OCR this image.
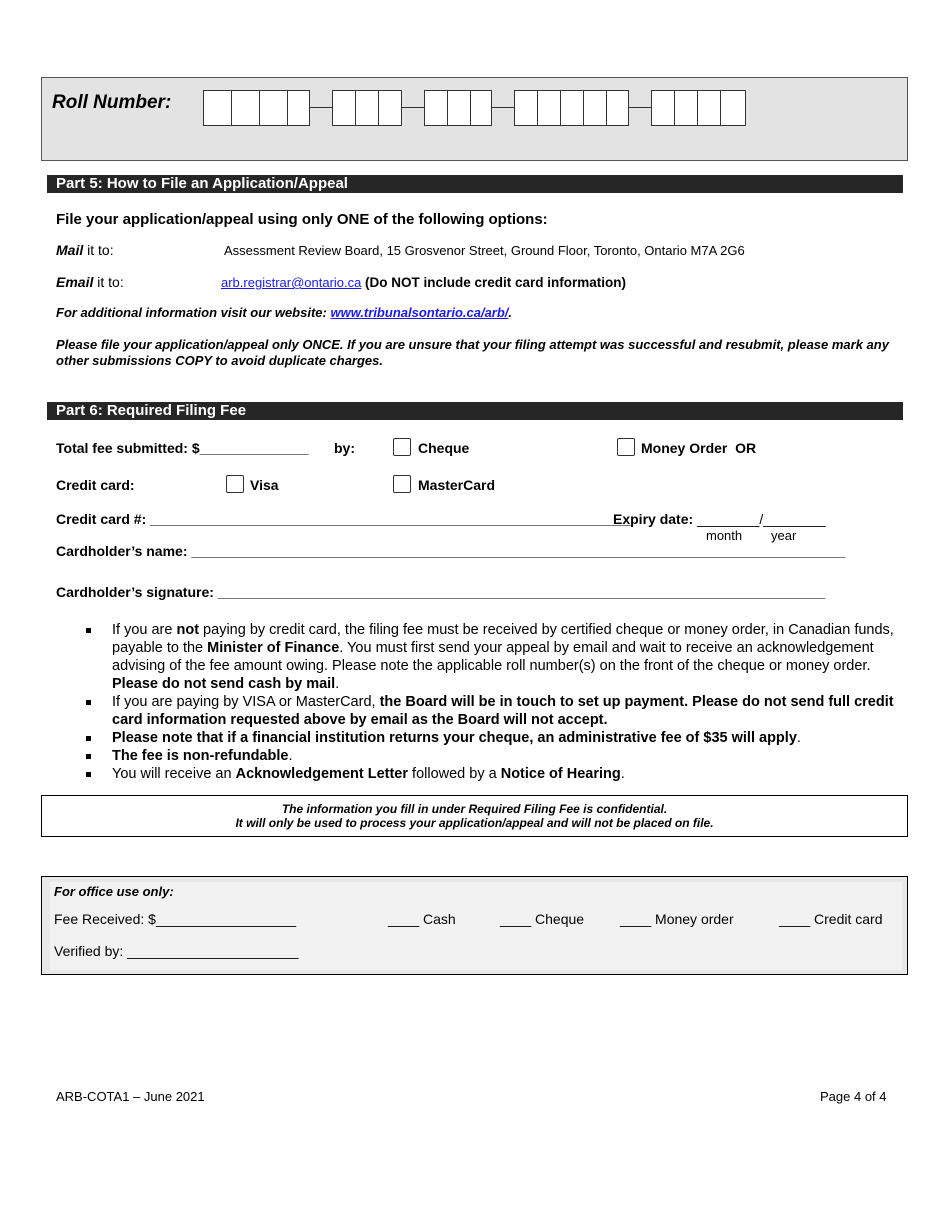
Roll Number:
Part 5: How to File an Application/Appeal
File your application/appeal using only ONE of the following options:
Mail it to:	Assessment Review Board, 15 Grosvenor Street, Ground Floor, Toronto, Ontario M7A 2G6
Email it to:	arb.registrar@ontario.ca (Do NOT include credit card information)
For additional information visit our website: www.tribunalsontario.ca/arb/.
Please file your application/appeal only ONCE. If you are unsure that your filing attempt was successful and resubmit, please mark any other submissions COPY to avoid duplicate charges.
Part 6: Required Filing Fee
Total fee submitted: $______________ by:	Cheque	Money Order OR
Credit card:	Visa	MasterCard
Credit card #: ______________________________________________________________
Expiry date: ________/________
month year
Cardholder’s name: ____________________________________________________________________________________
Cardholder’s signature: ______________________________________________________________________________
If you are not paying by credit card, the filing fee must be received by certified cheque or money order, in Canadian funds, payable to the Minister of Finance. You must first send your appeal by email and wait to receive an acknowledgement advising of the fee amount owing. Please note the applicable roll number(s) on the front of the cheque or money order. Please do not send cash by mail.
If you are paying by VISA or MasterCard, the Board will be in touch to set up payment. Please do not send full credit card information requested above by email as the Board will not accept.
Please note that if a financial institution returns your cheque, an administrative fee of $35 will apply.
The fee is non-refundable.
You will receive an Acknowledgement Letter followed by a Notice of Hearing.
The information you fill in under Required Filing Fee is confidential.
It will only be used to process your application/appeal and will not be placed on file.
For office use only:
Fee Received: $__________________	____ Cash	____ Cheque	____ Money order	____ Credit card
Verified by: ______________________
ARB-COTA1 – June 2021	Page 4 of 4
